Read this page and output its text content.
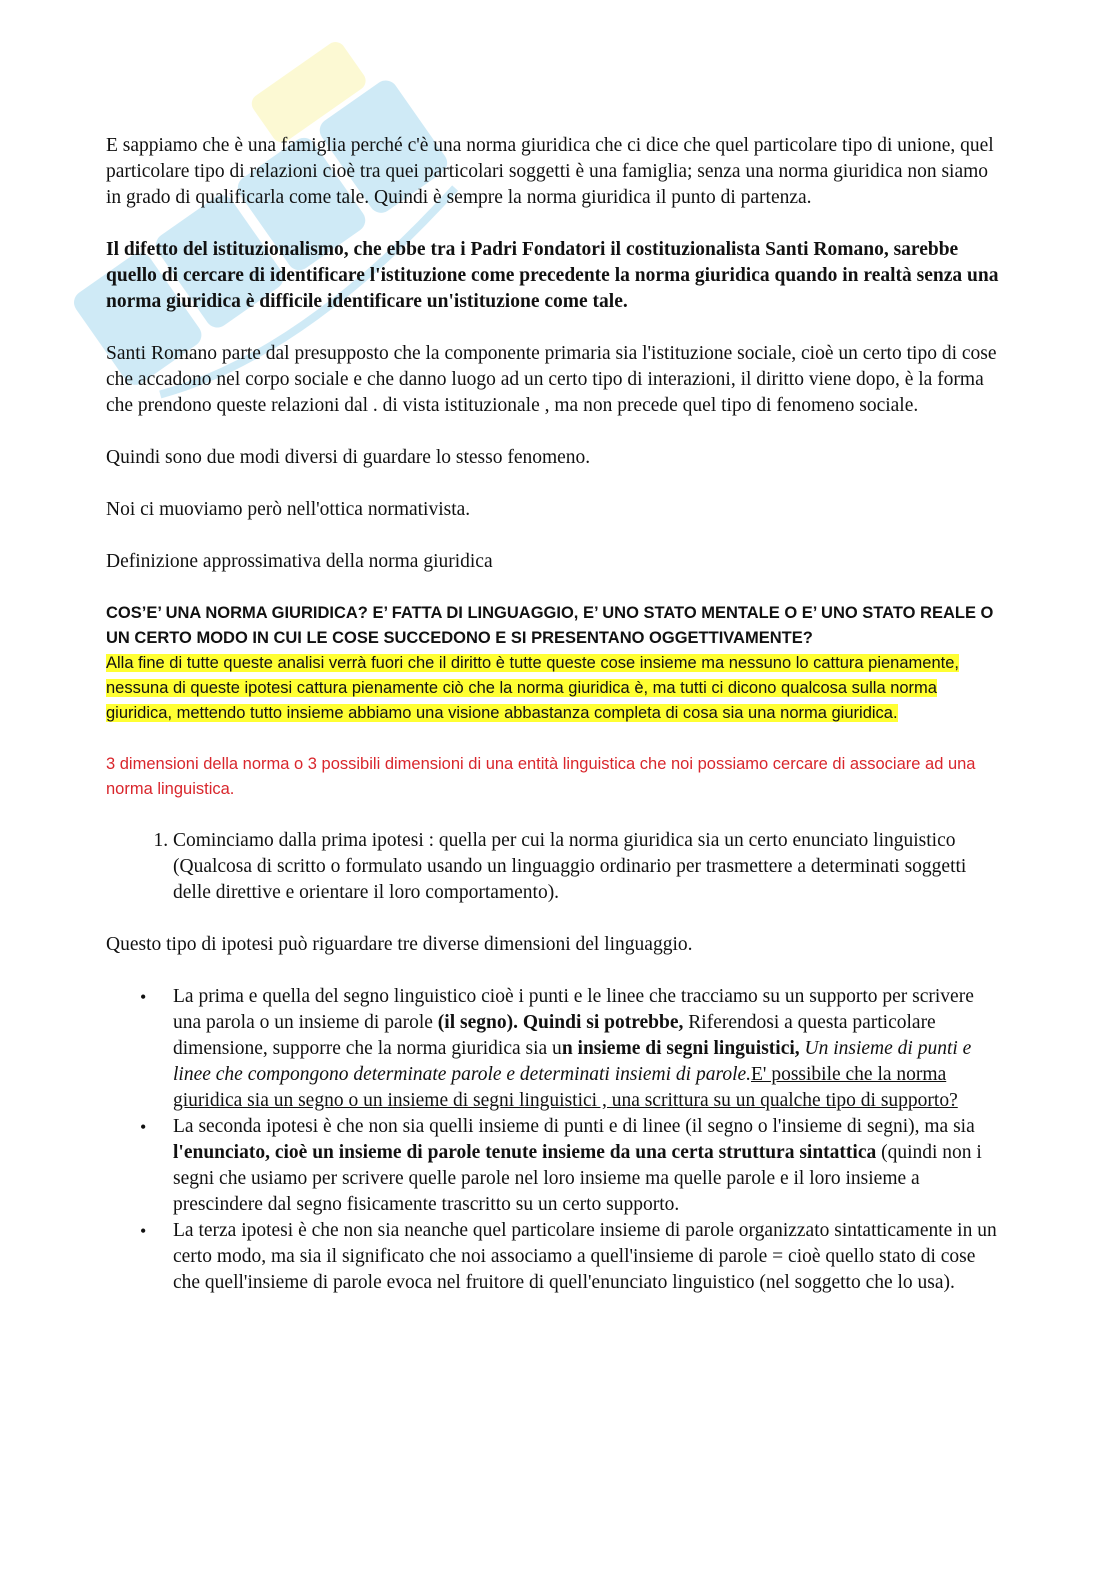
E sappiamo che è una famiglia perché c'è una norma giuridica che ci dice che quel particolare tipo di unione, quel particolare tipo di relazioni cioè tra quei particolari soggetti è una famiglia; senza una norma giuridica non siamo in grado di qualificarla come tale. Quindi è sempre la norma giuridica il punto di partenza.

Il difetto del istituzionalismo, che ebbe tra i Padri Fondatori il costituzionalista Santi Romano, sarebbe quello di cercare di identificare l'istituzione come precedente la norma giuridica quando in realtà senza una norma giuridica è difficile identificare un'istituzione come tale.

Santi Romano parte dal presupposto che la componente primaria sia l'istituzione sociale, cioè un certo tipo di cose che accadono nel corpo sociale e che danno luogo ad un certo tipo di interazioni, il diritto viene dopo, è la forma che prendono queste relazioni dal . di vista istituzionale , ma non precede quel tipo di fenomeno sociale.

Quindi sono due modi diversi di guardare lo stesso fenomeno.

Noi ci muoviamo però nell'ottica normativista.

Definizione approssimativa della norma giuridica

COS’E’ UNA NORMA GIURIDICA? E’ FATTA DI LINGUAGGIO, E’ UNO STATO MENTALE O E’ UNO STATO REALE O UN CERTO MODO IN CUI LE COSE SUCCEDONO E SI PRESENTANO OGGETTIVAMENTE?
Alla fine di tutte queste analisi verrà fuori che il diritto è tutte queste cose insieme ma nessuno lo cattura pienamente, nessuna di queste ipotesi cattura pienamente ciò che la norma giuridica è, ma tutti ci dicono qualcosa sulla norma giuridica, mettendo tutto insieme abbiamo una visione abbastanza completa di cosa sia una norma giuridica.
3 dimensioni della norma o 3 possibili dimensioni di una entità linguistica che noi possiamo cercare di associare ad una norma linguistica.
1. Cominciamo dalla prima ipotesi : quella per cui la norma giuridica sia un certo enunciato linguistico (Qualcosa di scritto o formulato usando un linguaggio ordinario per trasmettere a determinati soggetti delle direttive e orientare il loro comportamento).

Questo tipo di ipotesi può riguardare tre diverse dimensioni del linguaggio.

• La prima e quella del segno linguistico cioè i punti e le linee che tracciamo su un supporto per scrivere una parola o un insieme di parole (il segno). Quindi si potrebbe, Riferendosi a questa particolare dimensione, supporre che la norma giuridica sia un insieme di segni linguistici, Un insieme di punti e linee che compongono determinate parole e determinati insiemi di parole.E' possibile che la norma giuridica sia un segno o un insieme di segni linguistici , una scrittura su un qualche tipo di supporto?
• La seconda ipotesi è che non sia quelli insieme di punti e di linee (il segno o l'insieme di segni), ma sia l'enunciato, cioè un insieme di parole tenute insieme da una certa struttura sintattica (quindi non i segni che usiamo per scrivere quelle parole nel loro insieme ma quelle parole e il loro insieme a prescindere dal segno fisicamente trascritto su un certo supporto.
• La terza ipotesi è che non sia neanche quel particolare insieme di parole organizzato sintatticamente in un certo modo, ma sia il significato che noi associamo a quell'insieme di parole = cioè quello stato di cose che quell'insieme di parole evoca nel fruitore di quell'enunciato linguistico (nel soggetto che lo usa).
